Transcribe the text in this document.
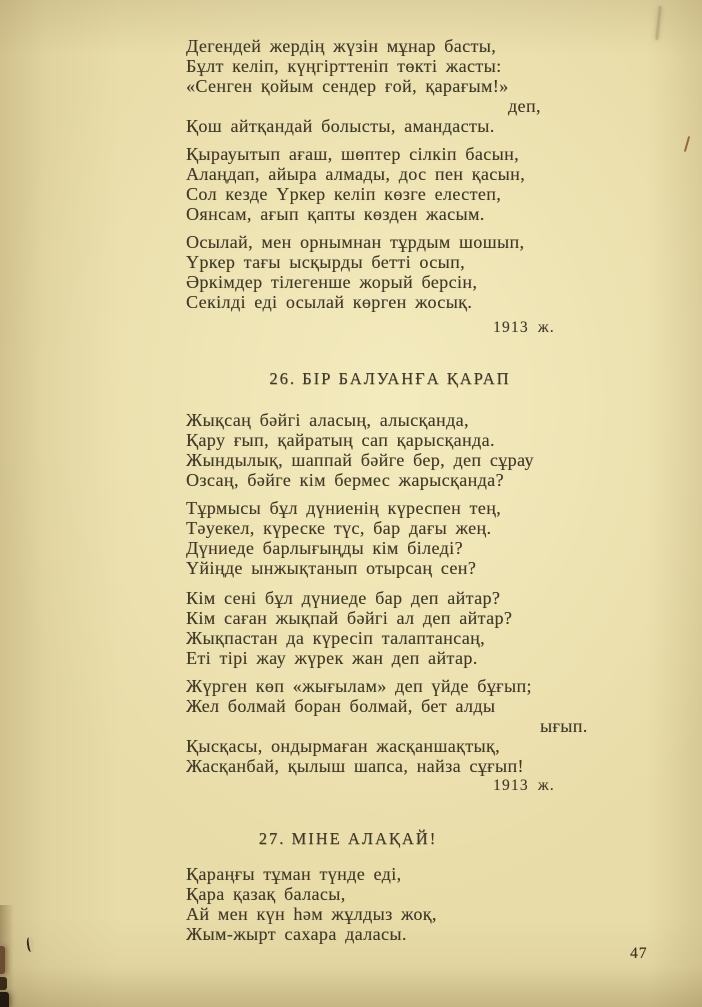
Дегендей жердің жүзін мұнар басты,
Бұлт келіп, күңгірттеніп төкті жасты:
«Сенген қойым сендер ғой, қарағым!»
деп,
Қош айтқандай болысты, амандасты.
Қырауытып ағаш, шөптер сілкіп басын,
Алаңдап, айыра алмады, дос пен қасын,
Сол кезде Үркер келіп көзге елестеп,
Оянсам, ағып қапты көзден жасым.
Осылай, мен орнымнан тұрдым шошып,
Үркер тағы ысқырды бетті осып,
Әркімдер тілегенше жорый берсін,
Секілді еді осылай көрген жосық.
1913 ж.
26. БІР БАЛУАНҒА ҚАРАП
Жықсаң бәйгі аласың, алысқанда,
Қару ғып, қайратың сап қарысқанда.
Жындылық, шаппай бәйге бер, деп сұрау
Озсаң, бәйге кім бермес жарысқанда?
Тұрмысы бұл дүниенің күреспен тең,
Тәуекел, күреске түс, бар дағы жең.
Дүниеде барлығыңды кім біледі?
Үйіңде ынжықтанып отырсаң сен?
Кім сені бұл дүниеде бар деп айтар?
Кім саған жықпай бәйгі ал деп айтар?
Жықпастан да күресіп талаптансаң,
Еті тірі жау жүрек жан деп айтар.
Жүрген көп «жығылам» деп үйде бұғып;
Жел болмай боран болмай, бет алды
ығып.
Қысқасы, ондырмаған жасқаншақтық,
Жасқанбай, қылыш шапса, найза сұғып!
1913 ж.
27. МІНЕ АЛАҚАЙ!
Қараңғы тұман түнде еді,
Қара қазақ баласы,
Ай мен күн һәм жұлдыз жоқ,
Жым-жырт сахара даласы.
47
